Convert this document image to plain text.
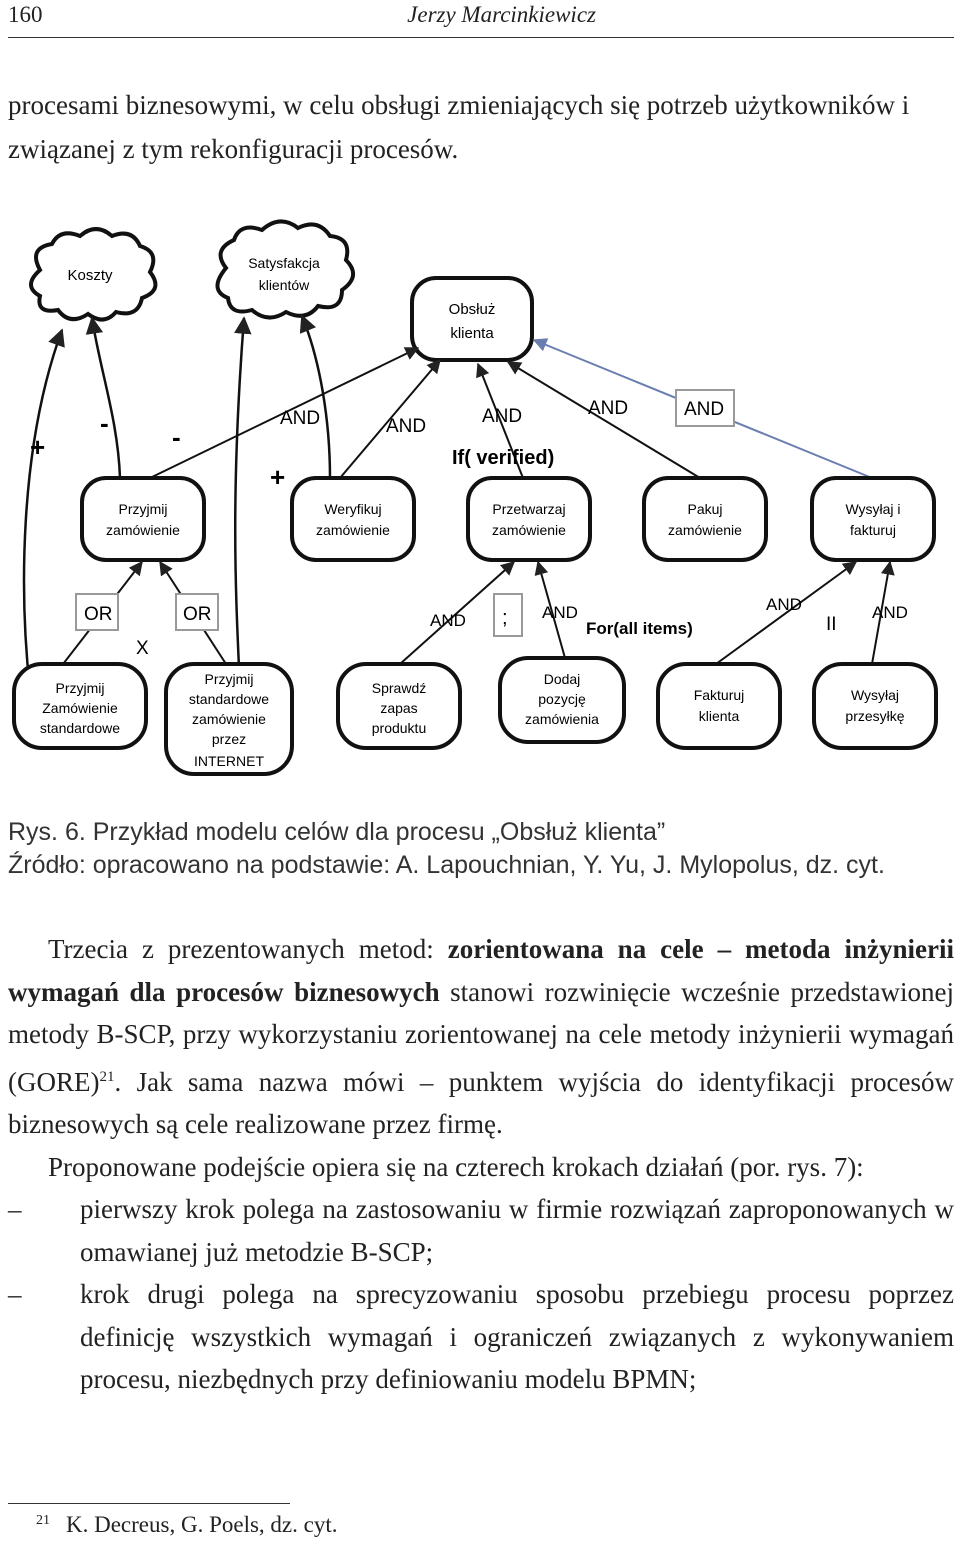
160	Jerzy Marcinkiewicz

procesami biznesowymi, w celu obsługi zmieniających się potrzeb użytkowników i związanej z tym rekonfiguracji procesów.

Koszty
Satysfakcja
klientów
Obsłuż
klienta
+
- -
+
AND	AND	AND	AND	AND
If( verified)
Przyjmij
zamówienie
Weryfikuj
zamówienie
Przetwarzaj
zamówienie
Pakuj
zamówienie
Wysyłaj i
fakturuj
OR	OR
X
AND ; AND
For(all items)
AND
II
AND
Przyjmij
Zamówienie
standardowe
Przyjmij
standardowe
zamówienie
przez
INTERNET
Sprawdź
zapas
produktu
Dodaj
pozycję
zamówienia
Fakturuj
klienta
Wysyłaj
przesyłkę
Rys. 6. Przykład modelu celów dla procesu „Obsłuż klienta”
Źródło: opracowano na podstawie: A. Lapouchnian, Y. Yu, J. Mylopolus, dz. cyt.

Trzecia z prezentowanych metod: zorientowana na cele – metoda inżynierii wymagań dla procesów biznesowych stanowi rozwinięcie wcześnie przedstawionej metody B-SCP, przy wykorzystaniu zorientowanej na cele metody inżynierii wymagań (GORE)$^{21}$. Jak sama nazwa mówi – punktem wyjścia do identyfikacji procesów biznesowych są cele realizowane przez firmę.

Proponowane podejście opiera się na czterech krokach działań (por. rys. 7):

–	pierwszy krok polega na zastosowaniu w firmie rozwiązań zaproponowanych w omawianej już metodzie B-SCP;
–	krok drugi polega na sprecyzowaniu sposobu przebiegu procesu poprzez definicję wszystkich wymagań i ograniczeń związanych z wykonywaniem procesu, niezbędnych przy definiowaniu modelu BPMN;
$^{21}$ K. Decreus, G. Poels, dz. cyt.
